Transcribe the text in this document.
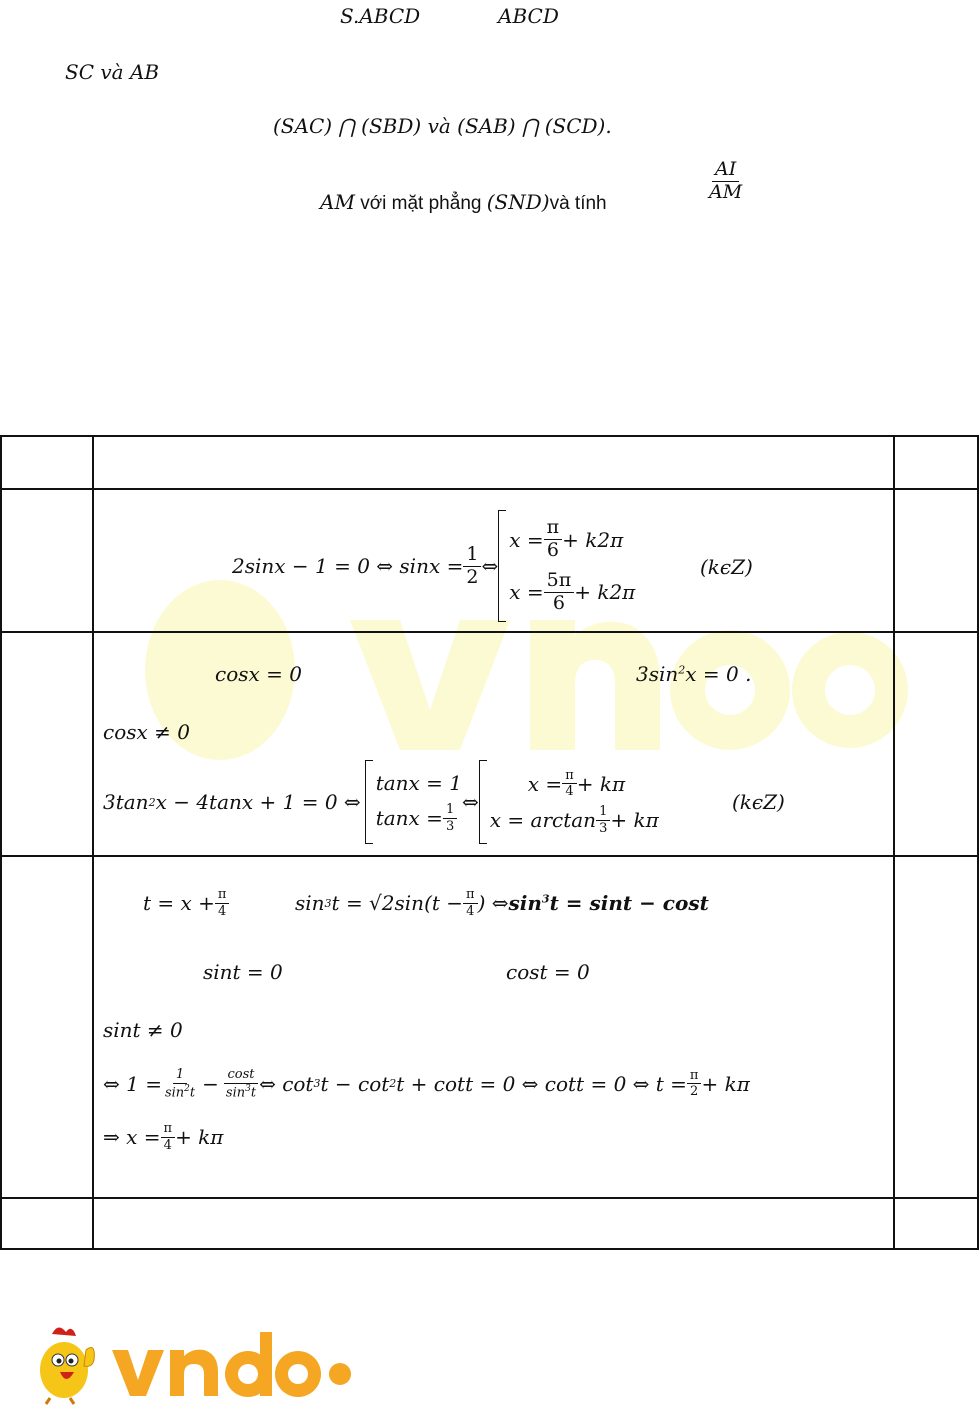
S.ABCD	ABCD
SC và AB
(SAC) ⋂ (SBD) và (SAB) ⋂ (SCD).
AM với mặt phẳng (SND)và tính
$\frac{AI}{AM}$
2sinx − 1 = 0 ⇔ $\sin x = \frac{1}{2}$ ⇔
$x = \frac{\pi}{6} + k2\pi$
$x = \frac{5\pi}{6} + k2\pi$
(kϵZ)
cosx = 0	$3\sin^2x = 0$ .
cosx ≠ 0
3tan 2 x − 4tanx + 1 = 0 ⇔
tanx = 1
$\tan x = \frac{1}{3}$
⇔
$x = \frac{\pi}{4} + k\pi$
$x = \arctan \frac{1}{3} + k\pi$
(kϵZ)
$t = x + \frac{\pi}{4}$	sin 3 $t = √2\sin(t - \frac{\pi}{4}$ ) ⇔ $\sin^3t = \sin t - \cos t$
sint = 0	cost = 0
sint ≠ 0
⇔ $1 = \frac{1}{\sin^2t} - \frac{\cos t}{\sin^3t}$ ⇔ cot 3 t − cot 2 t + cott = 0 ⇔ cott = 0 ⇔ $t = \frac{\pi}{2} + k\pi$
⇒ $x = \frac{\pi}{4} + k\pi$
